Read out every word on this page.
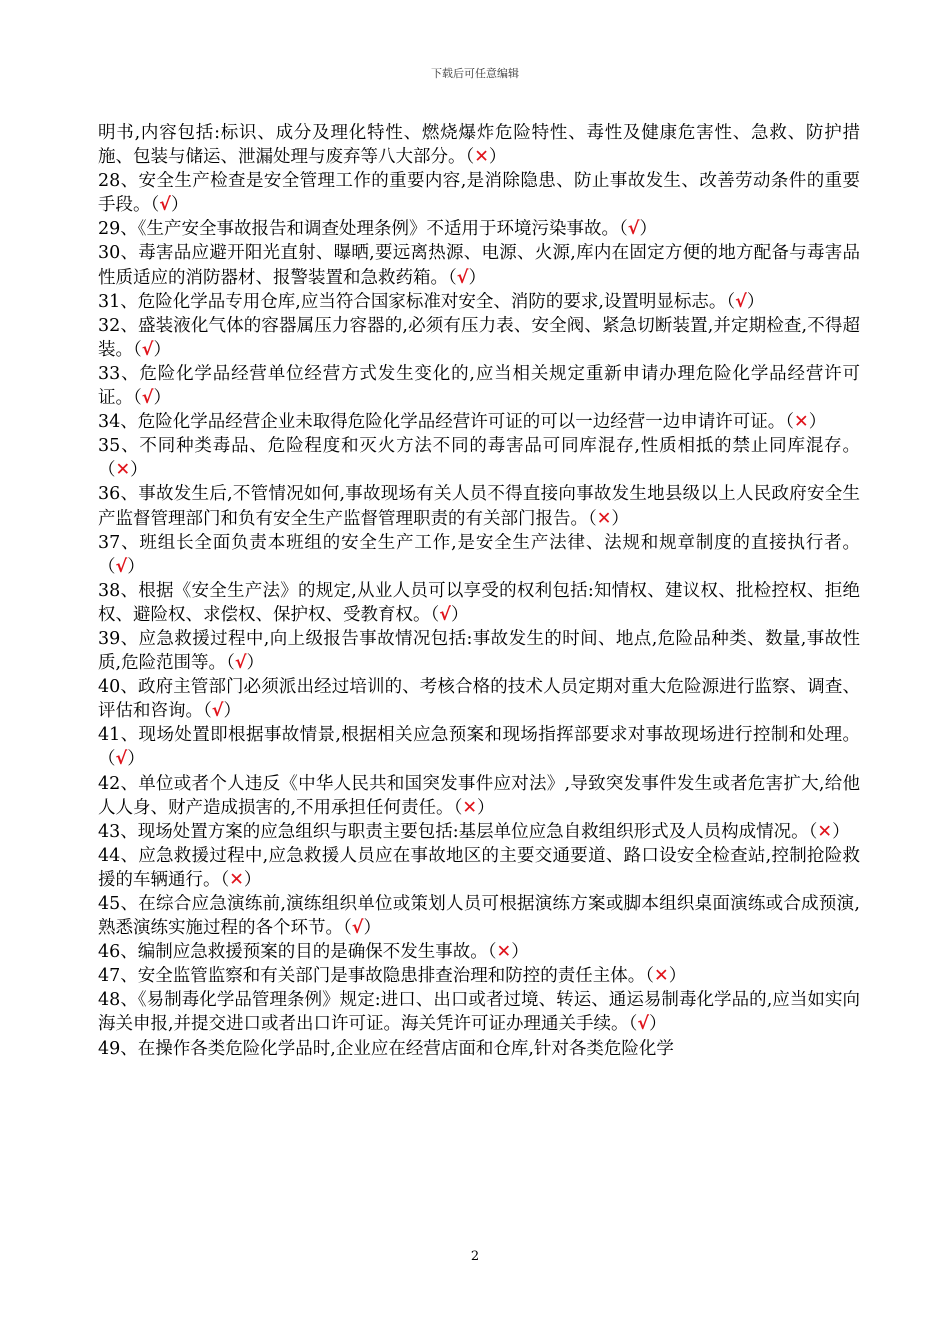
下载后可任意编辑

明书,内容包括:标识、成分及理化特性、燃烧爆炸危险特性、毒性及健康危害性、急救、防护措施、包装与储运、泄漏处理与废弃等八大部分。（✕）

28、安全生产检查是安全管理工作的重要内容,是消除隐患、防止事故发生、改善劳动条件的重要手段。（√）

29、《生产安全事故报告和调查处理条例》不适用于环境污染事故。（√）

30、毒害品应避开阳光直射、曝晒,要远离热源、电源、火源,库内在固定方便的地方配备与毒害品性质适应的消防器材、报警装置和急救药箱。（√）

31、危险化学品专用仓库,应当符合国家标准对安全、消防的要求,设置明显标志。（√）

32、盛装液化气体的容器属压力容器的,必须有压力表、安全阀、紧急切断装置,并定期检查,不得超装。（√）

33、危险化学品经营单位经营方式发生变化的,应当相关规定重新申请办理危险化学品经营许可证。（√）

34、危险化学品经营企业未取得危险化学品经营许可证的可以一边经营一边申请许可证。（✕）

35、不同种类毒品、危险程度和灭火方法不同的毒害品可同库混存,性质相抵的禁止同库混存。（✕）

36、事故发生后,不管情况如何,事故现场有关人员不得直接向事故发生地县级以上人民政府安全生产监督管理部门和负有安全生产监督管理职责的有关部门报告。（✕）

37、班组长全面负责本班组的安全生产工作,是安全生产法律、法规和规章制度的直接执行者。（√）

38、根据《安全生产法》的规定,从业人员可以享受的权利包括:知情权、建议权、批检控权、拒绝权、避险权、求偿权、保护权、受教育权。（√）

39、应急救援过程中,向上级报告事故情况包括:事故发生的时间、地点,危险品种类、数量,事故性质,危险范围等。（√）

40、政府主管部门必须派出经过培训的、考核合格的技术人员定期对重大危险源进行监察、调查、评估和咨询。（√）

41、现场处置即根据事故情景,根据相关应急预案和现场指挥部要求对事故现场进行控制和处理。（√）

42、单位或者个人违反《中华人民共和国突发事件应对法》,导致突发事件发生或者危害扩大,给他人人身、财产造成损害的,不用承担任何责任。（✕）

43、现场处置方案的应急组织与职责主要包括:基层单位应急自救组织形式及人员构成情况。（✕）

44、应急救援过程中,应急救援人员应在事故地区的主要交通要道、路口设安全检查站,控制抢险救援的车辆通行。（✕）

45、在综合应急演练前,演练组织单位或策划人员可根据演练方案或脚本组织桌面演练或合成预演,熟悉演练实施过程的各个环节。（√）

46、编制应急救援预案的目的是确保不发生事故。（✕）

47、安全监管监察和有关部门是事故隐患排查治理和防控的责任主体。（✕）

48、《易制毒化学品管理条例》规定:进口、出口或者过境、转运、通运易制毒化学品的,应当如实向海关申报,并提交进口或者出口许可证。海关凭许可证办理通关手续。（√）

49、在操作各类危险化学品时,企业应在经营店面和仓库,针对各类危险化学

2
